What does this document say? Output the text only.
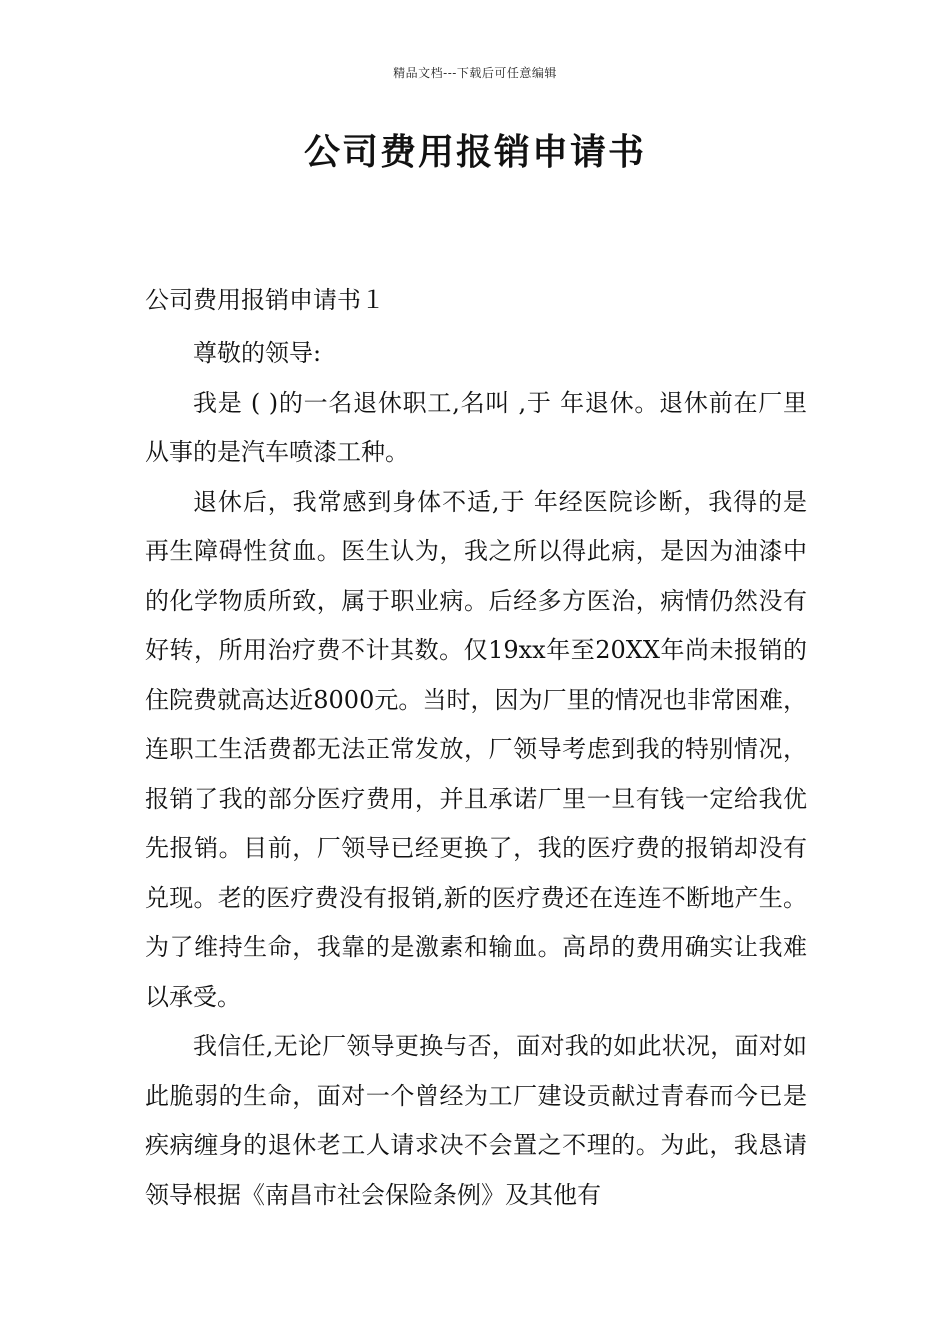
精品文档---下载后可任意编辑
公司费用报销申请书
公司费用报销申请书１

尊敬的领导:

我是 ( )的一名退休职工,名叫 ,于 年退休。退休前在厂里从事的是汽车喷漆工种。

退休后，我常感到身体不适,于 年经医院诊断，我得的是再生障碍性贫血。医生认为，我之所以得此病，是因为油漆中的化学物质所致，属于职业病。后经多方医治，病情仍然没有好转，所用治疗费不计其数。仅19xx年至20XX年尚未报销的住院费就高达近8000元。当时，因为厂里的情况也非常困难，连职工生活费都无法正常发放，厂领导考虑到我的特别情况，报销了我的部分医疗费用，并且承诺厂里一旦有钱一定给我优先报销。目前，厂领导已经更换了，我的医疗费的报销却没有兑现。老的医疗费没有报销,新的医疗费还在连连不断地产生。为了维持生命，我靠的是激素和输血。高昂的费用确实让我难以承受。

我信任,无论厂领导更换与否，面对我的如此状况，面对如此脆弱的生命，面对一个曾经为工厂建设贡献过青春而今已是疾病缠身的退休老工人请求决不会置之不理的。为此，我恳请领导根据《南昌市社会保险条例》及其他有
